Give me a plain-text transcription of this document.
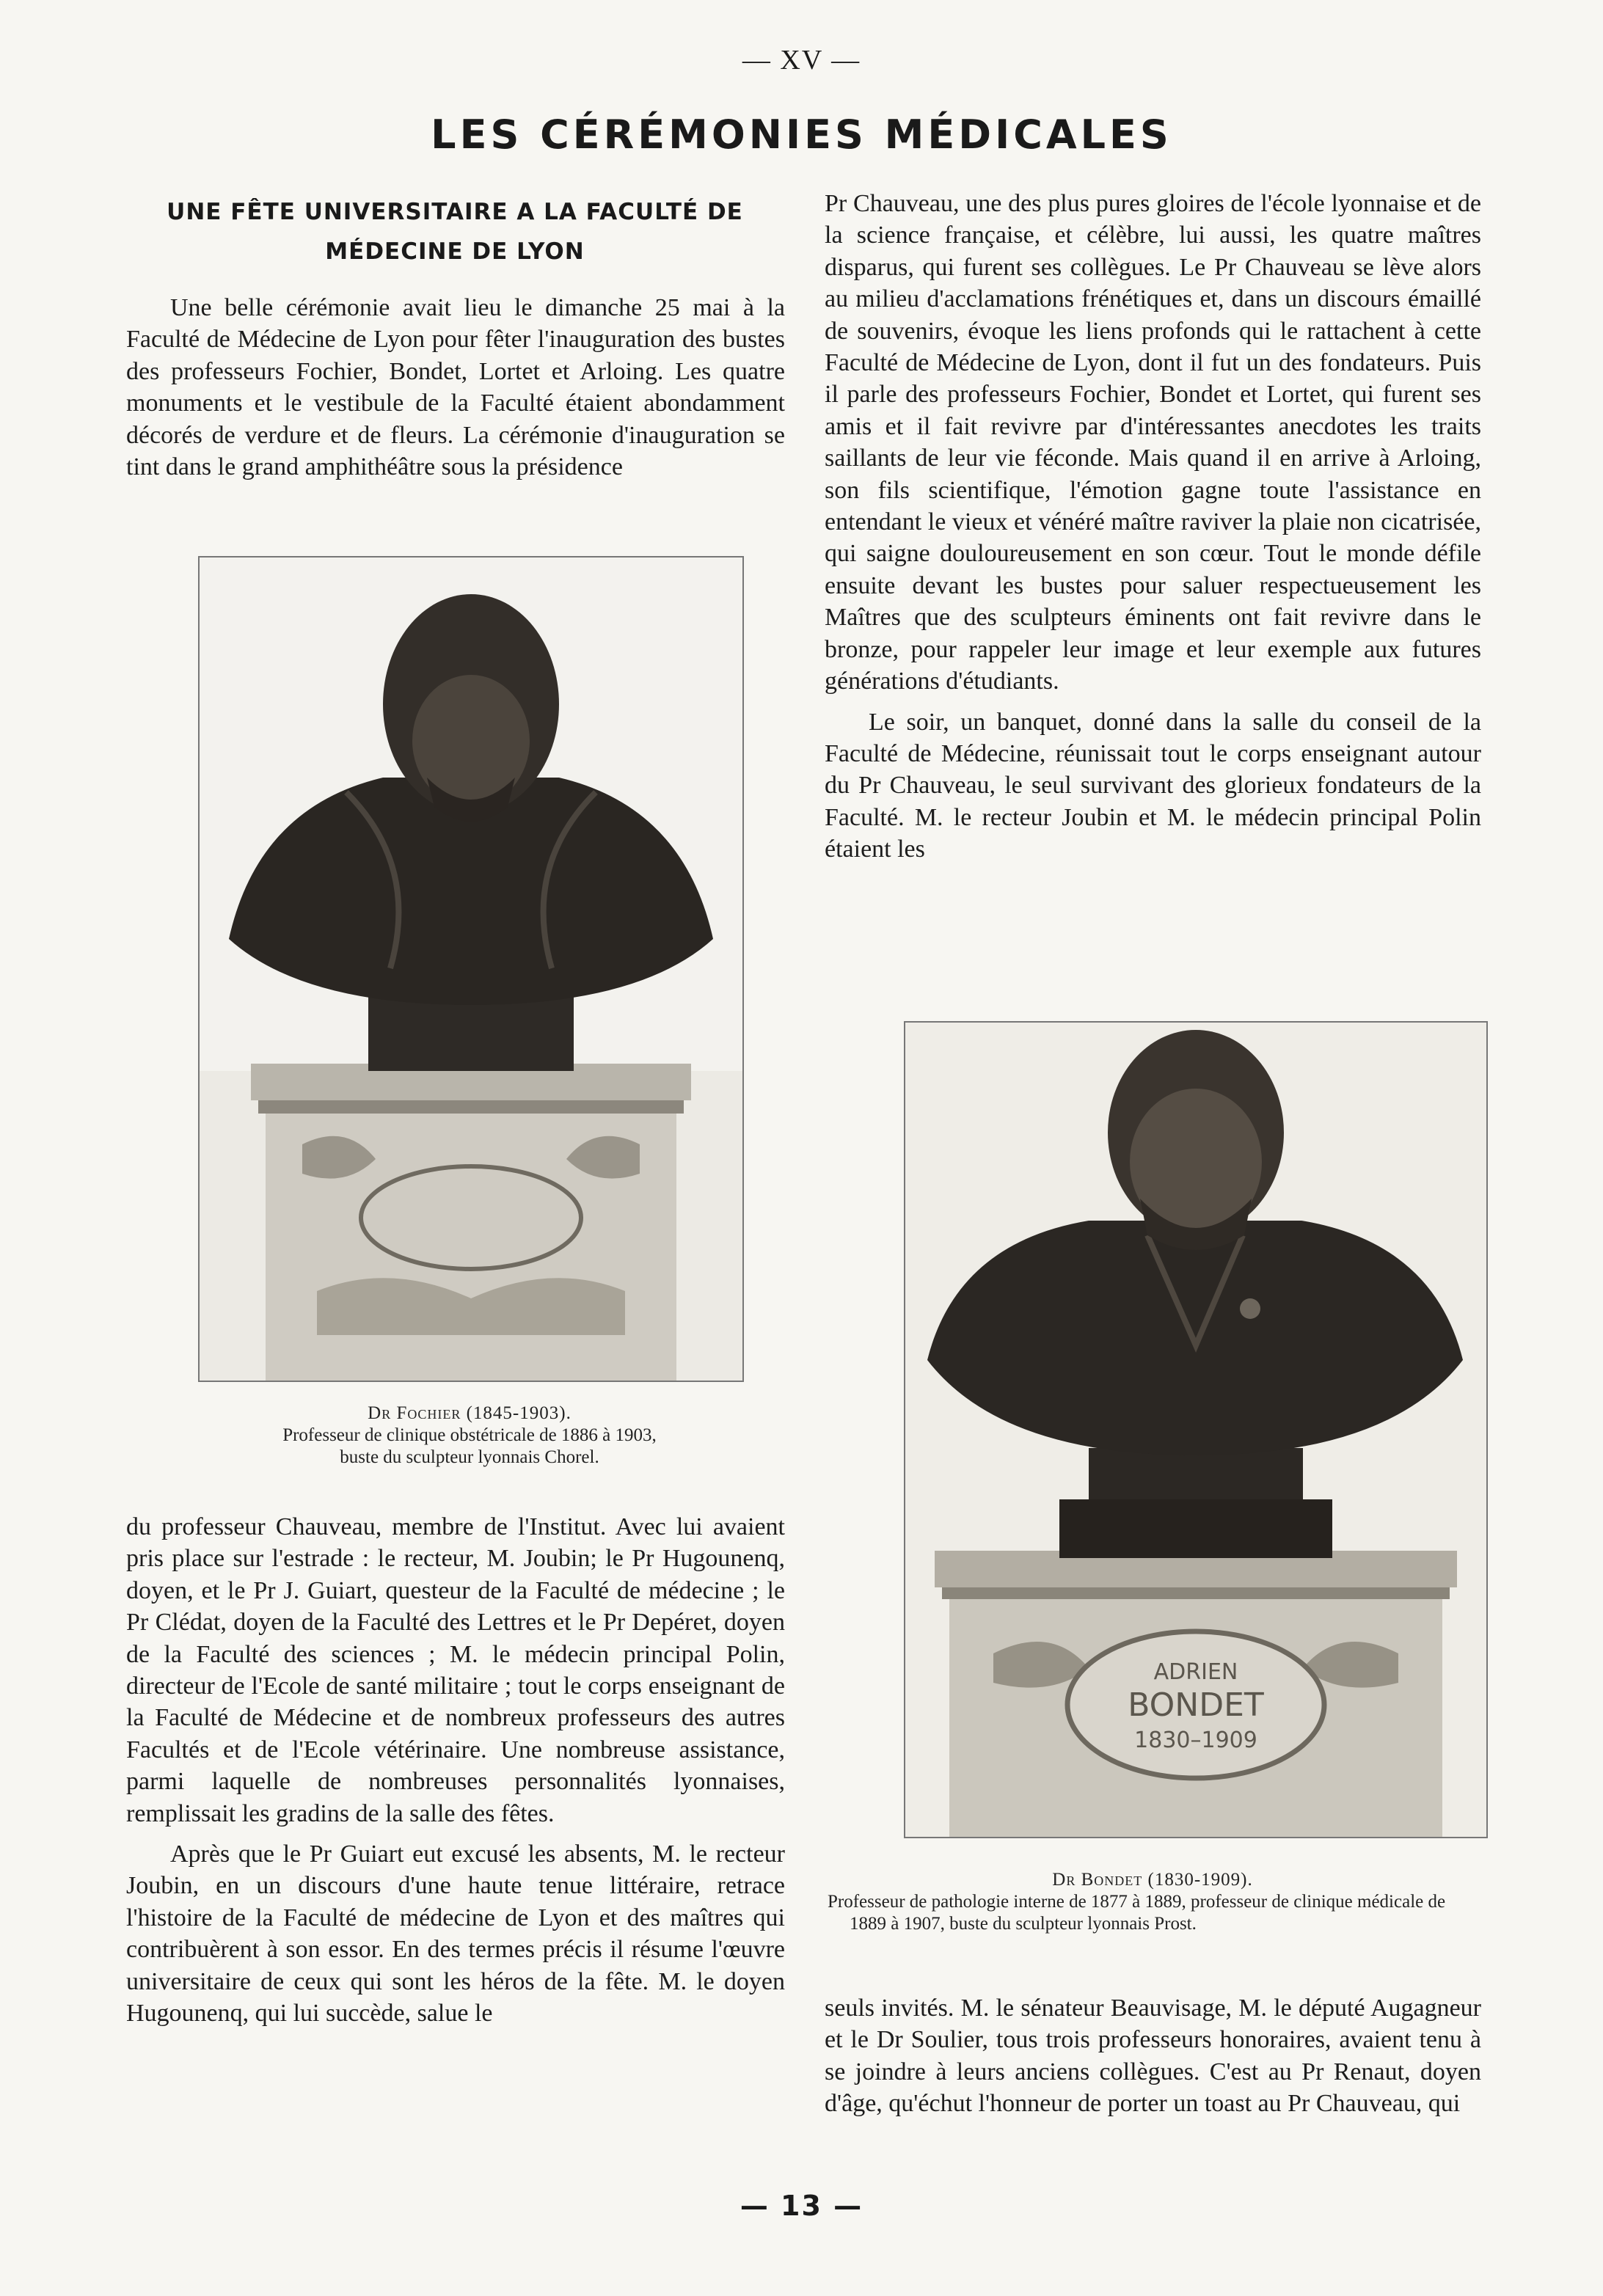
— XV —
LES CÉRÉMONIES MÉDICALES
UNE FÊTE UNIVERSITAIRE A LA FACULTÉ DE MÉDECINE DE LYON

Une belle cérémonie avait lieu le dimanche 25 mai à la Faculté de Médecine de Lyon pour fêter l'inauguration des bustes des professeurs Fochier, Bondet, Lortet et Arloing. Les quatre monuments et le vestibule de la Faculté étaient abondamment décorés de verdure et de fleurs. La cérémonie d'inauguration se tint dans le grand amphithéâtre sous la présidence

Dr Fochier (1845-1903).
Professeur de clinique obstétricale de 1886 à 1903,
buste du sculpteur lyonnais Chorel.

du professeur Chauveau, membre de l'Institut. Avec lui avaient pris place sur l'estrade : le recteur, M. Joubin; le Pr Hugounenq, doyen, et le Pr J. Guiart, questeur de la Faculté de médecine ; le Pr Clédat, doyen de la Faculté des Lettres et le Pr Depéret, doyen de la Faculté des sciences ; M. le médecin principal Polin, directeur de l'Ecole de santé militaire ; tout le corps enseignant de la Faculté de Médecine et de nombreux professeurs des autres Facultés et de l'Ecole vétérinaire. Une nombreuse assistance, parmi laquelle de nombreuses personnalités lyonnaises, remplissait les gradins de la salle des fêtes.

Après que le Pr Guiart eut excusé les absents, M. le recteur Joubin, en un discours d'une haute tenue littéraire, retrace l'histoire de la Faculté de médecine de Lyon et des maîtres qui contribuèrent à son essor. En des termes précis il résume l'œuvre universitaire de ceux qui sont les héros de la fête. M. le doyen Hugounenq, qui lui succède, salue le

Pr Chauveau, une des plus pures gloires de l'école lyonnaise et de la science française, et célèbre, lui aussi, les quatre maîtres disparus, qui furent ses collègues. Le Pr Chauveau se lève alors au milieu d'acclamations frénétiques et, dans un discours émaillé de souvenirs, évoque les liens profonds qui le rattachent à cette Faculté de Médecine de Lyon, dont il fut un des fondateurs. Puis il parle des professeurs Fochier, Bondet et Lortet, qui furent ses amis et il fait revivre par d'intéressantes anecdotes les traits saillants de leur vie féconde. Mais quand il en arrive à Arloing, son fils scientifique, l'émotion gagne toute l'assistance en entendant le vieux et vénéré maître raviver la plaie non cicatrisée, qui saigne douloureusement en son cœur. Tout le monde défile ensuite devant les bustes pour saluer respectueusement les Maîtres que des sculpteurs éminents ont fait revivre dans le bronze, pour rappeler leur image et leur exemple aux futures générations d'étudiants.

Le soir, un banquet, donné dans la salle du conseil de la Faculté de Médecine, réunissait tout le corps enseignant autour du Pr Chauveau, le seul survivant des glorieux fondateurs de la Faculté. M. le recteur Joubin et M. le médecin principal Polin étaient les

ADRIEN
BONDET
1830–1909
Dr Bondet (1830-1909).
Professeur de pathologie interne de 1877 à 1889, professeur de clinique médicale de 1889 à 1907, buste du sculpteur lyonnais Prost.

seuls invités. M. le sénateur Beauvisage, M. le député Augagneur et le Dr Soulier, tous trois professeurs honoraires, avaient tenu à se joindre à leurs anciens collègues. C'est au Pr Renaut, doyen d'âge, qu'échut l'honneur de porter un toast au Pr Chauveau, qui

— 13 —
